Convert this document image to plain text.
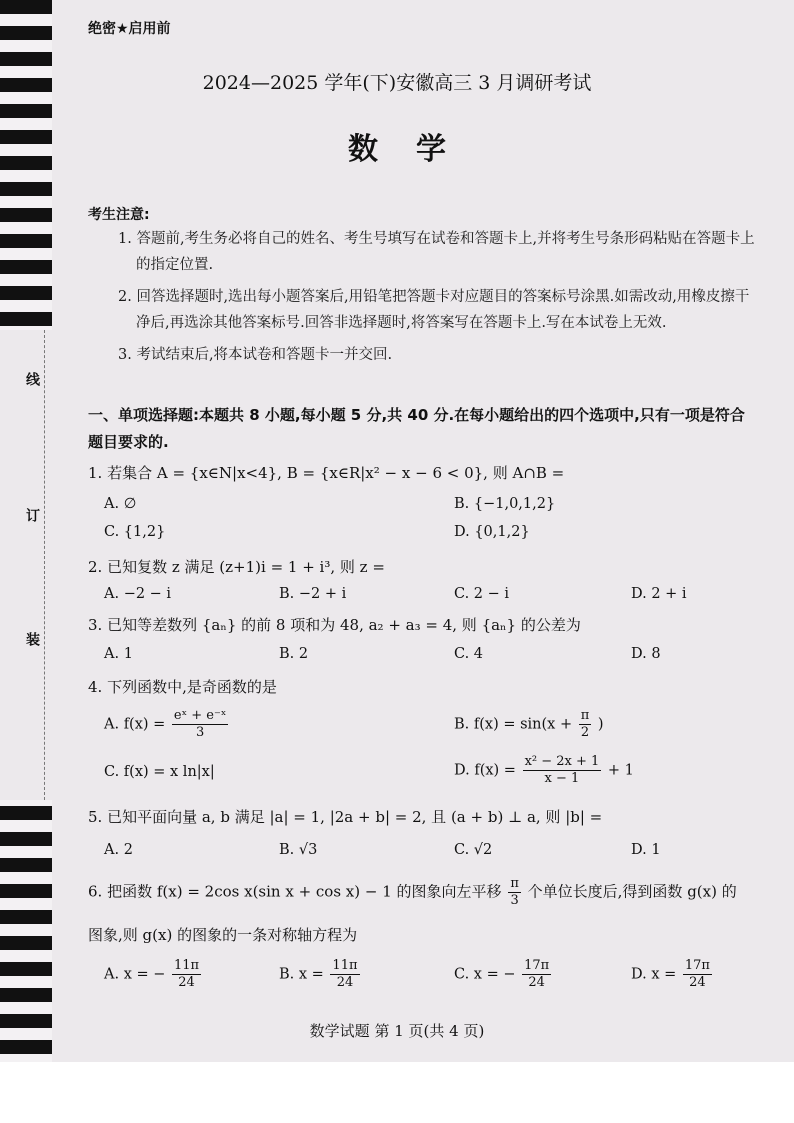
线
订
装
绝密★启用前
2024—2025 学年(下)安徽高三 3 月调研考试
数学
考生注意:
1. 答题前,考生务必将自己的姓名、考生号填写在试卷和答题卡上,并将考生号条形码粘贴在答题卡上的指定位置.
2. 回答选择题时,选出每小题答案后,用铅笔把答题卡对应题目的答案标号涂黑.如需改动,用橡皮擦干净后,再选涂其他答案标号.回答非选择题时,将答案写在答题卡上.写在本试卷上无效.
3. 考试结束后,将本试卷和答题卡一并交回.
一、单项选择题:本题共 8 小题,每小题 5 分,共 40 分.在每小题给出的四个选项中,只有一项是符合题目要求的.
1. 若集合 A = {x∈N|x<4}, B = {x∈R|x² − x − 6 < 0}, 则 A∩B =
A. ∅	B. {−1,0,1,2}
C. {1,2}	D. {0,1,2}
2. 已知复数 z 满足 (z+1)i = 1 + i³, 则 z =
A. −2 − i	B. −2 + i	C. 2 − i	D. 2 + i
3. 已知等差数列 {aₙ} 的前 8 项和为 48, a₂ + a₃ = 4, 则 {aₙ} 的公差为
A. 1	B. 2	C. 4	D. 8
4. 下列函数中,是奇函数的是
A. $f(x) = \frac{\text{eˣ + e⁻ˣ}}{3}$	B. $f(x) = \sin(x + \frac{\pi}{2}$ )
C. f(x) = x ln|x|	D. $f(x) = \frac{\text{x² − 2x + 1}}{x - 1} + 1$
5. 已知平面向量 a, b 满足 |a| = 1, |2a + b| = 2, 且 (a + b) ⊥ a, 则 |b| =
A. 2	B. √3	C. √2	D. 1
6. 把函数 f(x) = 2cos x(sin x + cos x) − 1 的图象向左平移 $\frac{\pi}{3}$ 个单位长度后,得到函数 g(x) 的
图象,则 g(x) 的图象的一条对称轴方程为
A. x = − $\frac{11\pi}{24}$	B. $x = \frac{11\pi}{24}$	C. x = − $\frac{17\pi}{24}$	D. $x = \frac{17\pi}{24}$
数学试题 第 1 页(共 4 页)
